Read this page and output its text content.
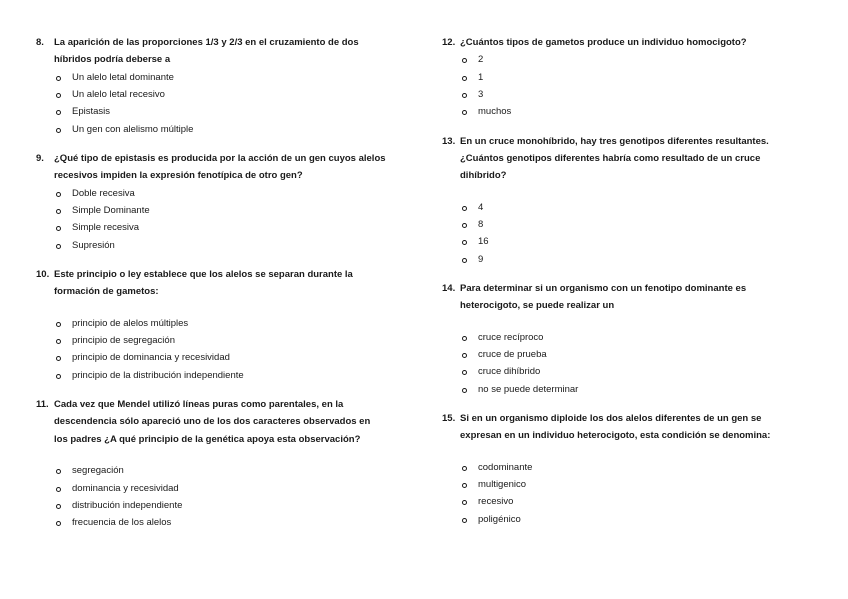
8. La aparición de las proporciones 1/3 y 2/3 en el cruzamiento de dos
híbridos podría deberse a
Un alelo letal dominante
Un alelo letal recesivo
Epistasis
Un gen con alelismo múltiple
9. ¿Qué tipo de epistasis es producida por la acción de un gen cuyos alelos
recesivos impiden la expresión fenotípica de otro gen?
Doble recesiva
Simple Dominante
Simple recesiva
Supresión
10. Este principio o ley establece que los alelos se separan durante la
formación de gametos:
principio de alelos múltiples
principio de segregación
principio de dominancia y recesividad
principio de la distribución independiente
11. Cada vez que Mendel utilizó líneas puras como parentales, en la
descendencia sólo apareció uno de los dos caracteres observados en
los padres ¿A qué principio de la genética apoya esta observación?
segregación
dominancia y recesividad
distribución independiente
frecuencia de los alelos
12. ¿Cuántos tipos de gametos produce un individuo homocigoto?
2
1
3
muchos
13. En un cruce monohíbrido, hay tres genotipos diferentes resultantes.
¿Cuántos genotipos diferentes habría como resultado de un cruce
dihíbrido?
4
8
16
9
14. Para determinar si un organismo con un fenotipo dominante es
heterocigoto, se puede realizar un
cruce recíproco
cruce de prueba
cruce dihíbrido
no se puede determinar
15. Si en un organismo diploide los dos alelos diferentes de un gen se
expresan en un individuo heterocigoto, esta condición se denomina:
codominante
multigenico
recesivo
poligénico
